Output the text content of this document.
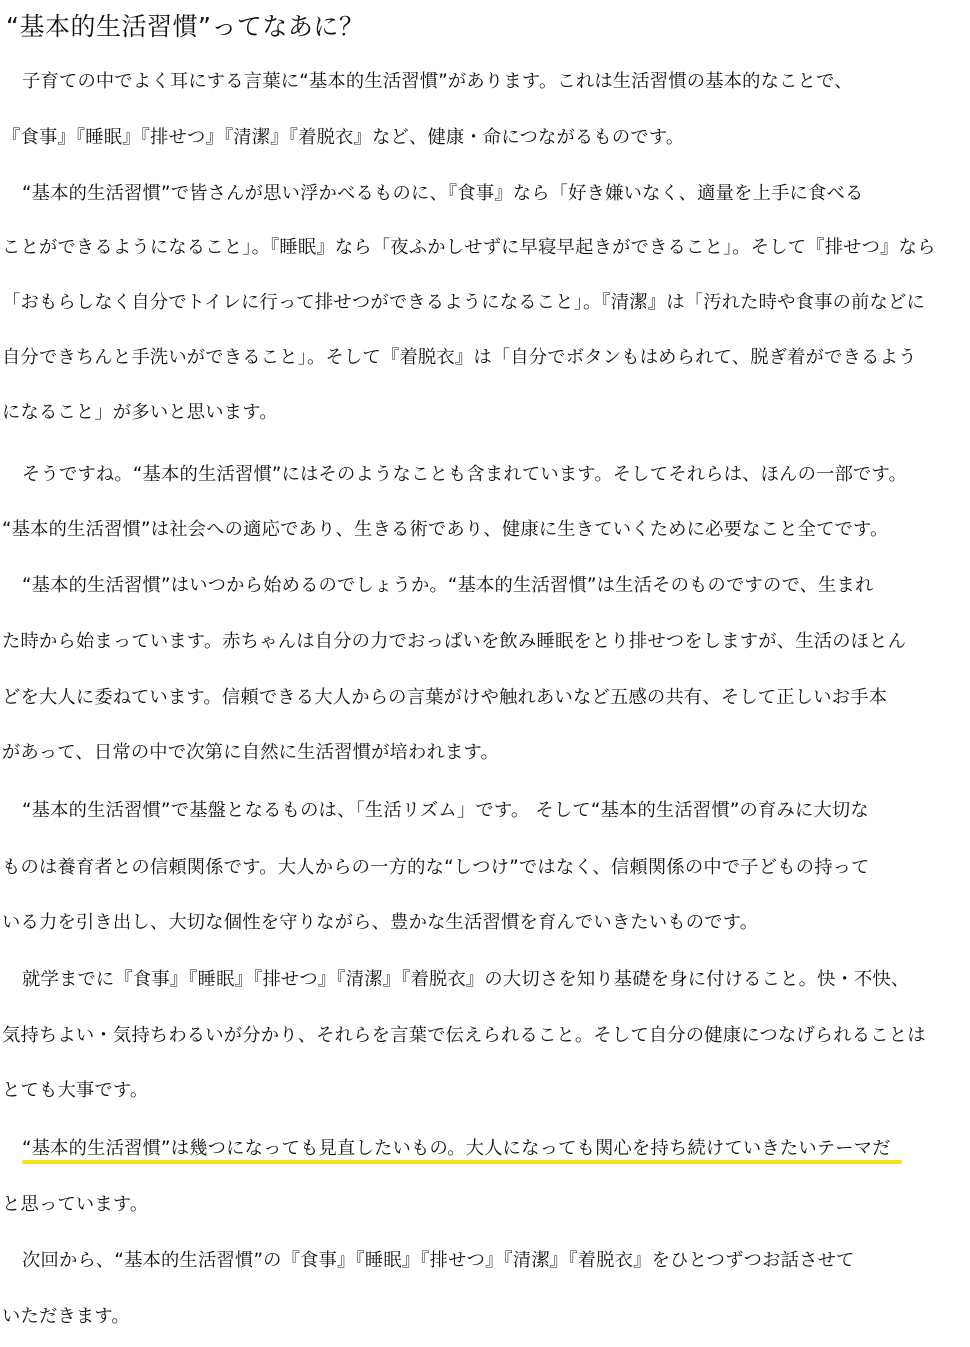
“基本的生活習慣”ってなあに？
子育ての中でよく耳にする言葉に“基本的生活習慣”があります。これは生活習慣の基本的なことで、
『食事』『睡眠』『排せつ』『清潔』『着脱衣』など、健康・命につながるものです。
“基本的生活習慣”で皆さんが思い浮かべるものに、『食事』なら「好き嫌いなく、適量を上手に食べる
ことができるようになること」。『睡眠』なら「夜ふかしせずに早寝早起きができること」。そして『排せつ』なら
「おもらしなく自分でトイレに行って排せつができるようになること」。『清潔』は「汚れた時や食事の前などに
自分できちんと手洗いができること」。そして『着脱衣』は「自分でボタンもはめられて、脱ぎ着ができるよう
になること」が多いと思います。
そうですね。“基本的生活習慣”にはそのようなことも含まれています。そしてそれらは、ほんの一部です。
“基本的生活習慣”は社会への適応であり、生きる術であり、健康に生きていくために必要なこと全てです。
“基本的生活習慣”はいつから始めるのでしょうか。“基本的生活習慣”は生活そのものですので、生まれ
た時から始まっています。赤ちゃんは自分の力でおっぱいを飲み睡眠をとり排せつをしますが、生活のほとん
どを大人に委ねています。信頼できる大人からの言葉がけや触れあいなど五感の共有、そして正しいお手本
があって、日常の中で次第に自然に生活習慣が培われます。
“基本的生活習慣”で基盤となるものは、「生活リズム」です。 そして“基本的生活習慣”の育みに大切な
ものは養育者との信頼関係です。大人からの一方的な“しつけ”ではなく、信頼関係の中で子どもの持って
いる力を引き出し、大切な個性を守りながら、豊かな生活習慣を育んでいきたいものです。
就学までに『食事』『睡眠』『排せつ』『清潔』『着脱衣』の大切さを知り基礎を身に付けること。快・不快、
気持ちよい・気持ちわるいが分かり、それらを言葉で伝えられること。そして自分の健康につなげられることは
とても大事です。
“基本的生活習慣”は幾つになっても見直したいもの。大人になっても関心を持ち続けていきたいテーマだ
と思っています。
次回から、“基本的生活習慣”の『食事』『睡眠』『排せつ』『清潔』『着脱衣』をひとつずつお話させて
いただきます。
